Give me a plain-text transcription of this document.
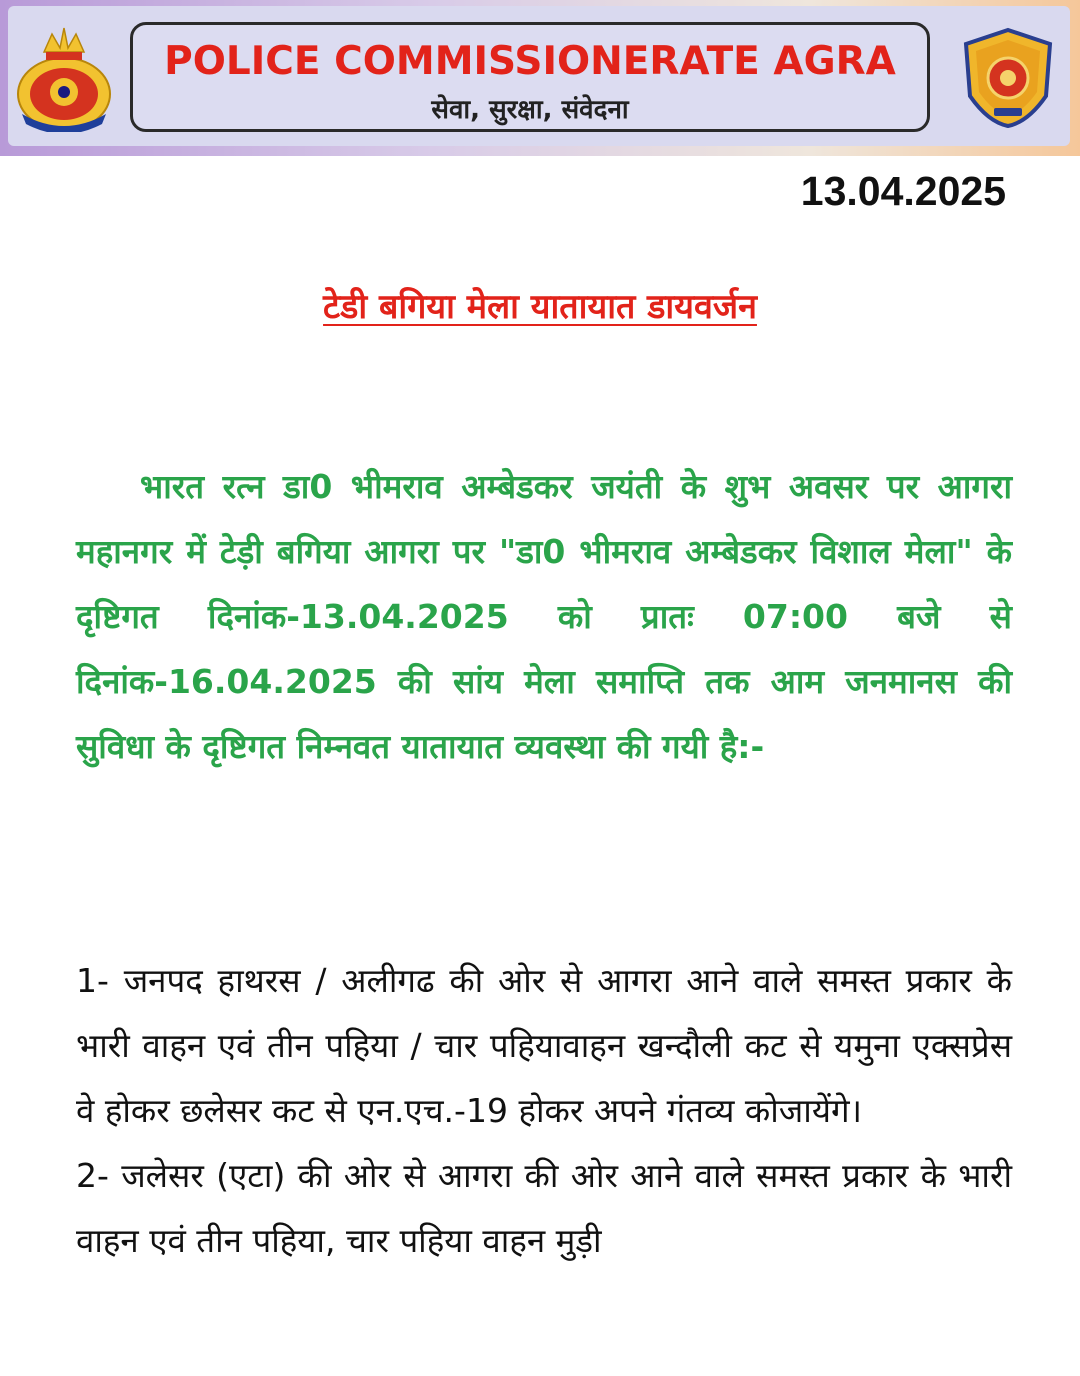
POLICE COMMISSIONERATE AGRA
सेवा, सुरक्षा, संवेदना
13.04.2025
टेडी बगिया मेला यातायात डायवर्जन
भारत रत्न डा0 भीमराव अम्बेडकर जयंती के शुभ अवसर पर आगरा महानगर में टेड़ी बगिया आगरा पर "डा0 भीमराव अम्बेडकर विशाल मेला" के दृष्टिगत दिनांक-13.04.2025 को प्रातः 07:00 बजे से दिनांक-16.04.2025 की सांय मेला समाप्ति तक आम जनमानस की सुविधा के दृष्टिगत निम्नवत यातायात व्यवस्था की गयी है:-

1- जनपद हाथरस / अलीगढ की ओर से आगरा आने वाले समस्त प्रकार के भारी वाहन एवं तीन पहिया / चार पहियावाहन खन्दौली कट से यमुना एक्सप्रेस वे होकर छलेसर कट से एन.एच.-19 होकर अपने गंतव्य कोजायेंगे।

2- जलेसर (एटा) की ओर से आगरा की ओर आने वाले समस्त प्रकार के भारी वाहन एवं तीन पहिया, चार पहिया वाहन मुड़ी
